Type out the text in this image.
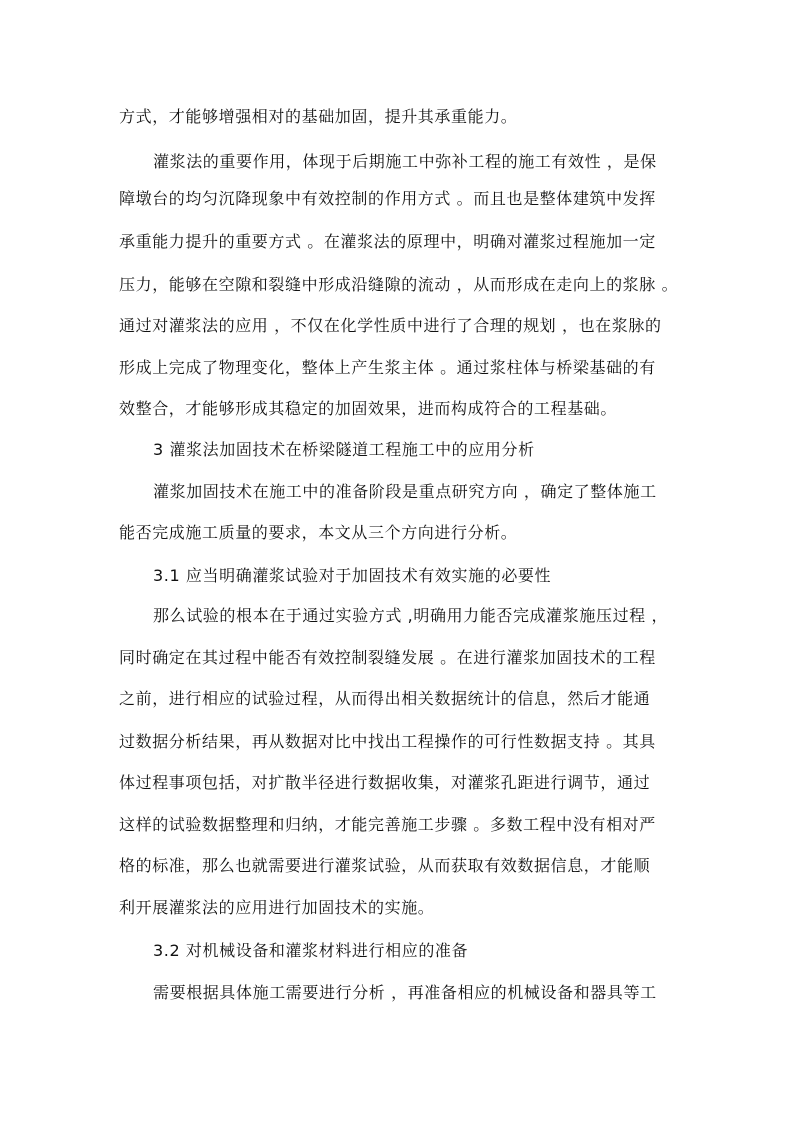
方式，才能够增强相对的基础加固，提升其承重能力。
灌浆法的重要作用，体现于后期施工中弥补工程的施工有效性 ，是保
障墩台的均匀沉降现象中有效控制的作用方式 。而且也是整体建筑中发挥
承重能力提升的重要方式 。在灌浆法的原理中，明确对灌浆过程施加一定
压力，能够在空隙和裂缝中形成沿缝隙的流动 ，从而形成在走向上的浆脉 。
通过对灌浆法的应用 ，不仅在化学性质中进行了合理的规划 ，也在浆脉的
形成上完成了物理变化，整体上产生浆主体 。通过浆柱体与桥梁基础的有
效整合，才能够形成其稳定的加固效果，进而构成符合的工程基础。
3 灌浆法加固技术在桥梁隧道工程施工中的应用分析
灌浆加固技术在施工中的准备阶段是重点研究方向 ，确定了整体施工
能否完成施工质量的要求，本文从三个方向进行分析。
3.1 应当明确灌浆试验对于加固技术有效实施的必要性
那么试验的根本在于通过实验方式 ,明确用力能否完成灌浆施压过程 ，
同时确定在其过程中能否有效控制裂缝发展 。在进行灌浆加固技术的工程
之前，进行相应的试验过程，从而得出相关数据统计的信息，然后才能通
过数据分析结果，再从数据对比中找出工程操作的可行性数据支持 。其具
体过程事项包括，对扩散半径进行数据收集，对灌浆孔距进行调节，通过
这样的试验数据整理和归纳，才能完善施工步骤 。多数工程中没有相对严
格的标准，那么也就需要进行灌浆试验，从而获取有效数据信息，才能顺
利开展灌浆法的应用进行加固技术的实施。
3.2 对机械设备和灌浆材料进行相应的准备
需要根据具体施工需要进行分析 ，再准备相应的机械设备和器具等工
